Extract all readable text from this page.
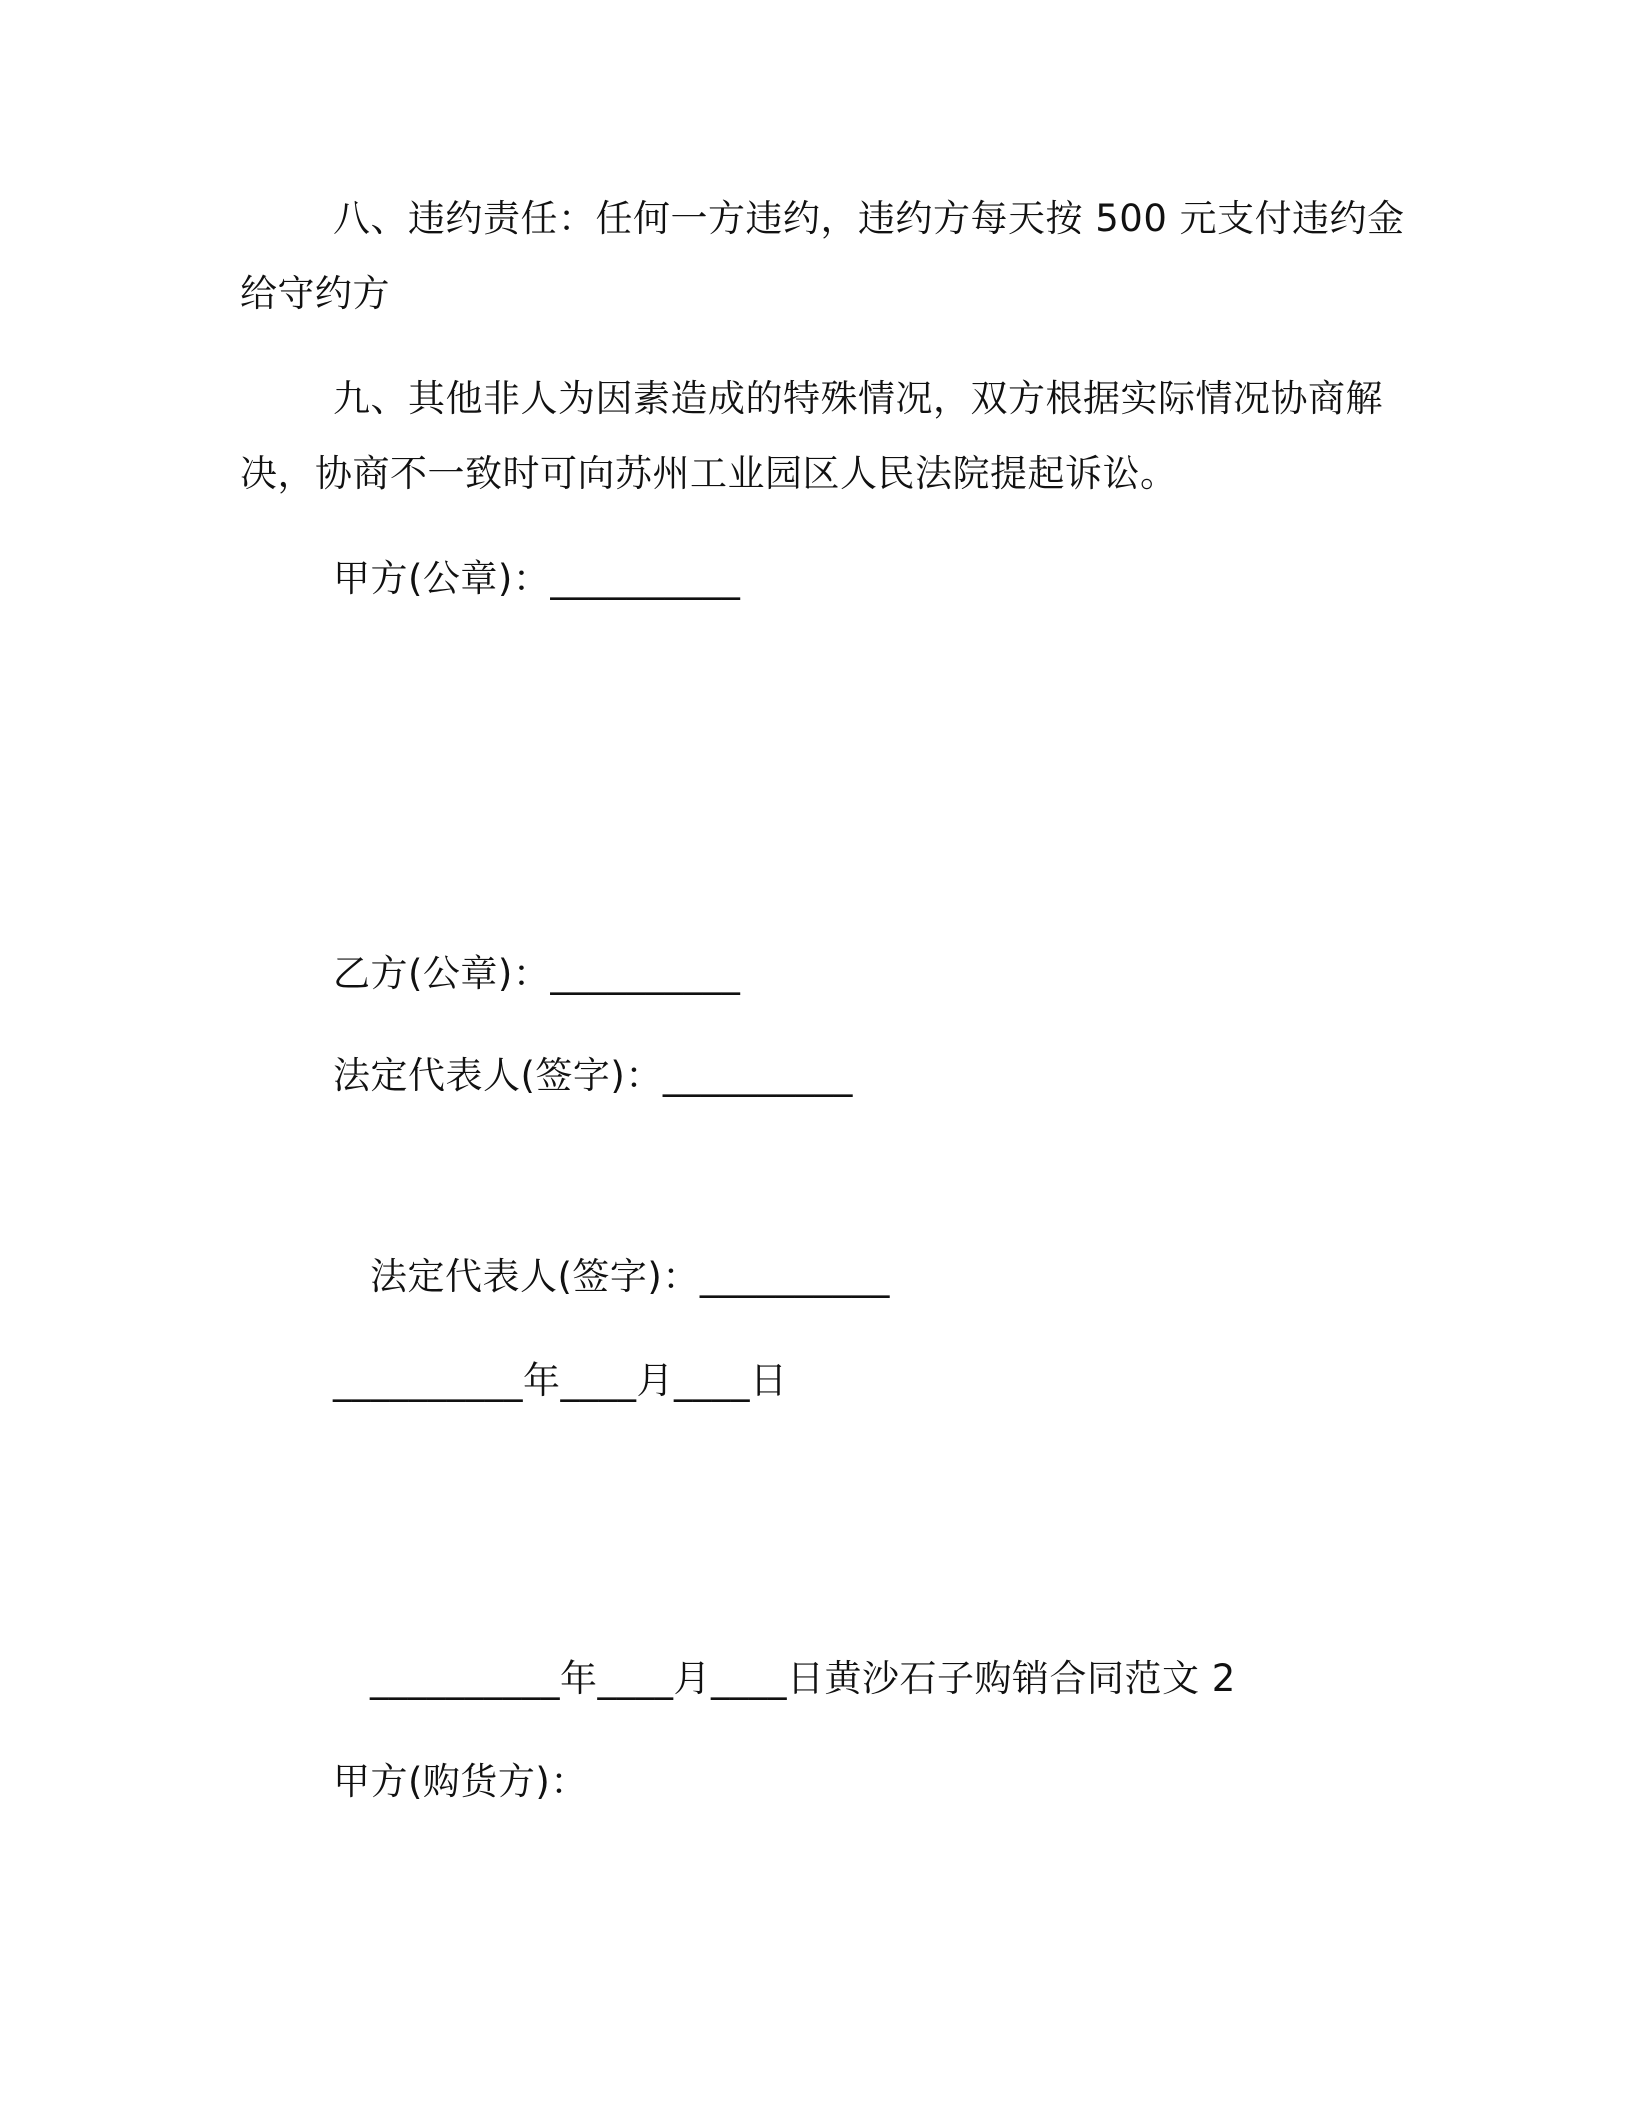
八、违约责任：任何一方违约，违约方每天按 500 元支付违约金
给守约方
九、其他非人为因素造成的特殊情况，双方根据实际情况协商解
决，协商不一致时可向苏州工业园区人民法院提起诉讼。
甲方(公章)：__________
乙方(公章)：__________
法定代表人(签字)：__________
法定代表人(签字)：__________
__________年____月____日
__________年____月____日黄沙石子购销合同范文 2
甲方(购货方)：
